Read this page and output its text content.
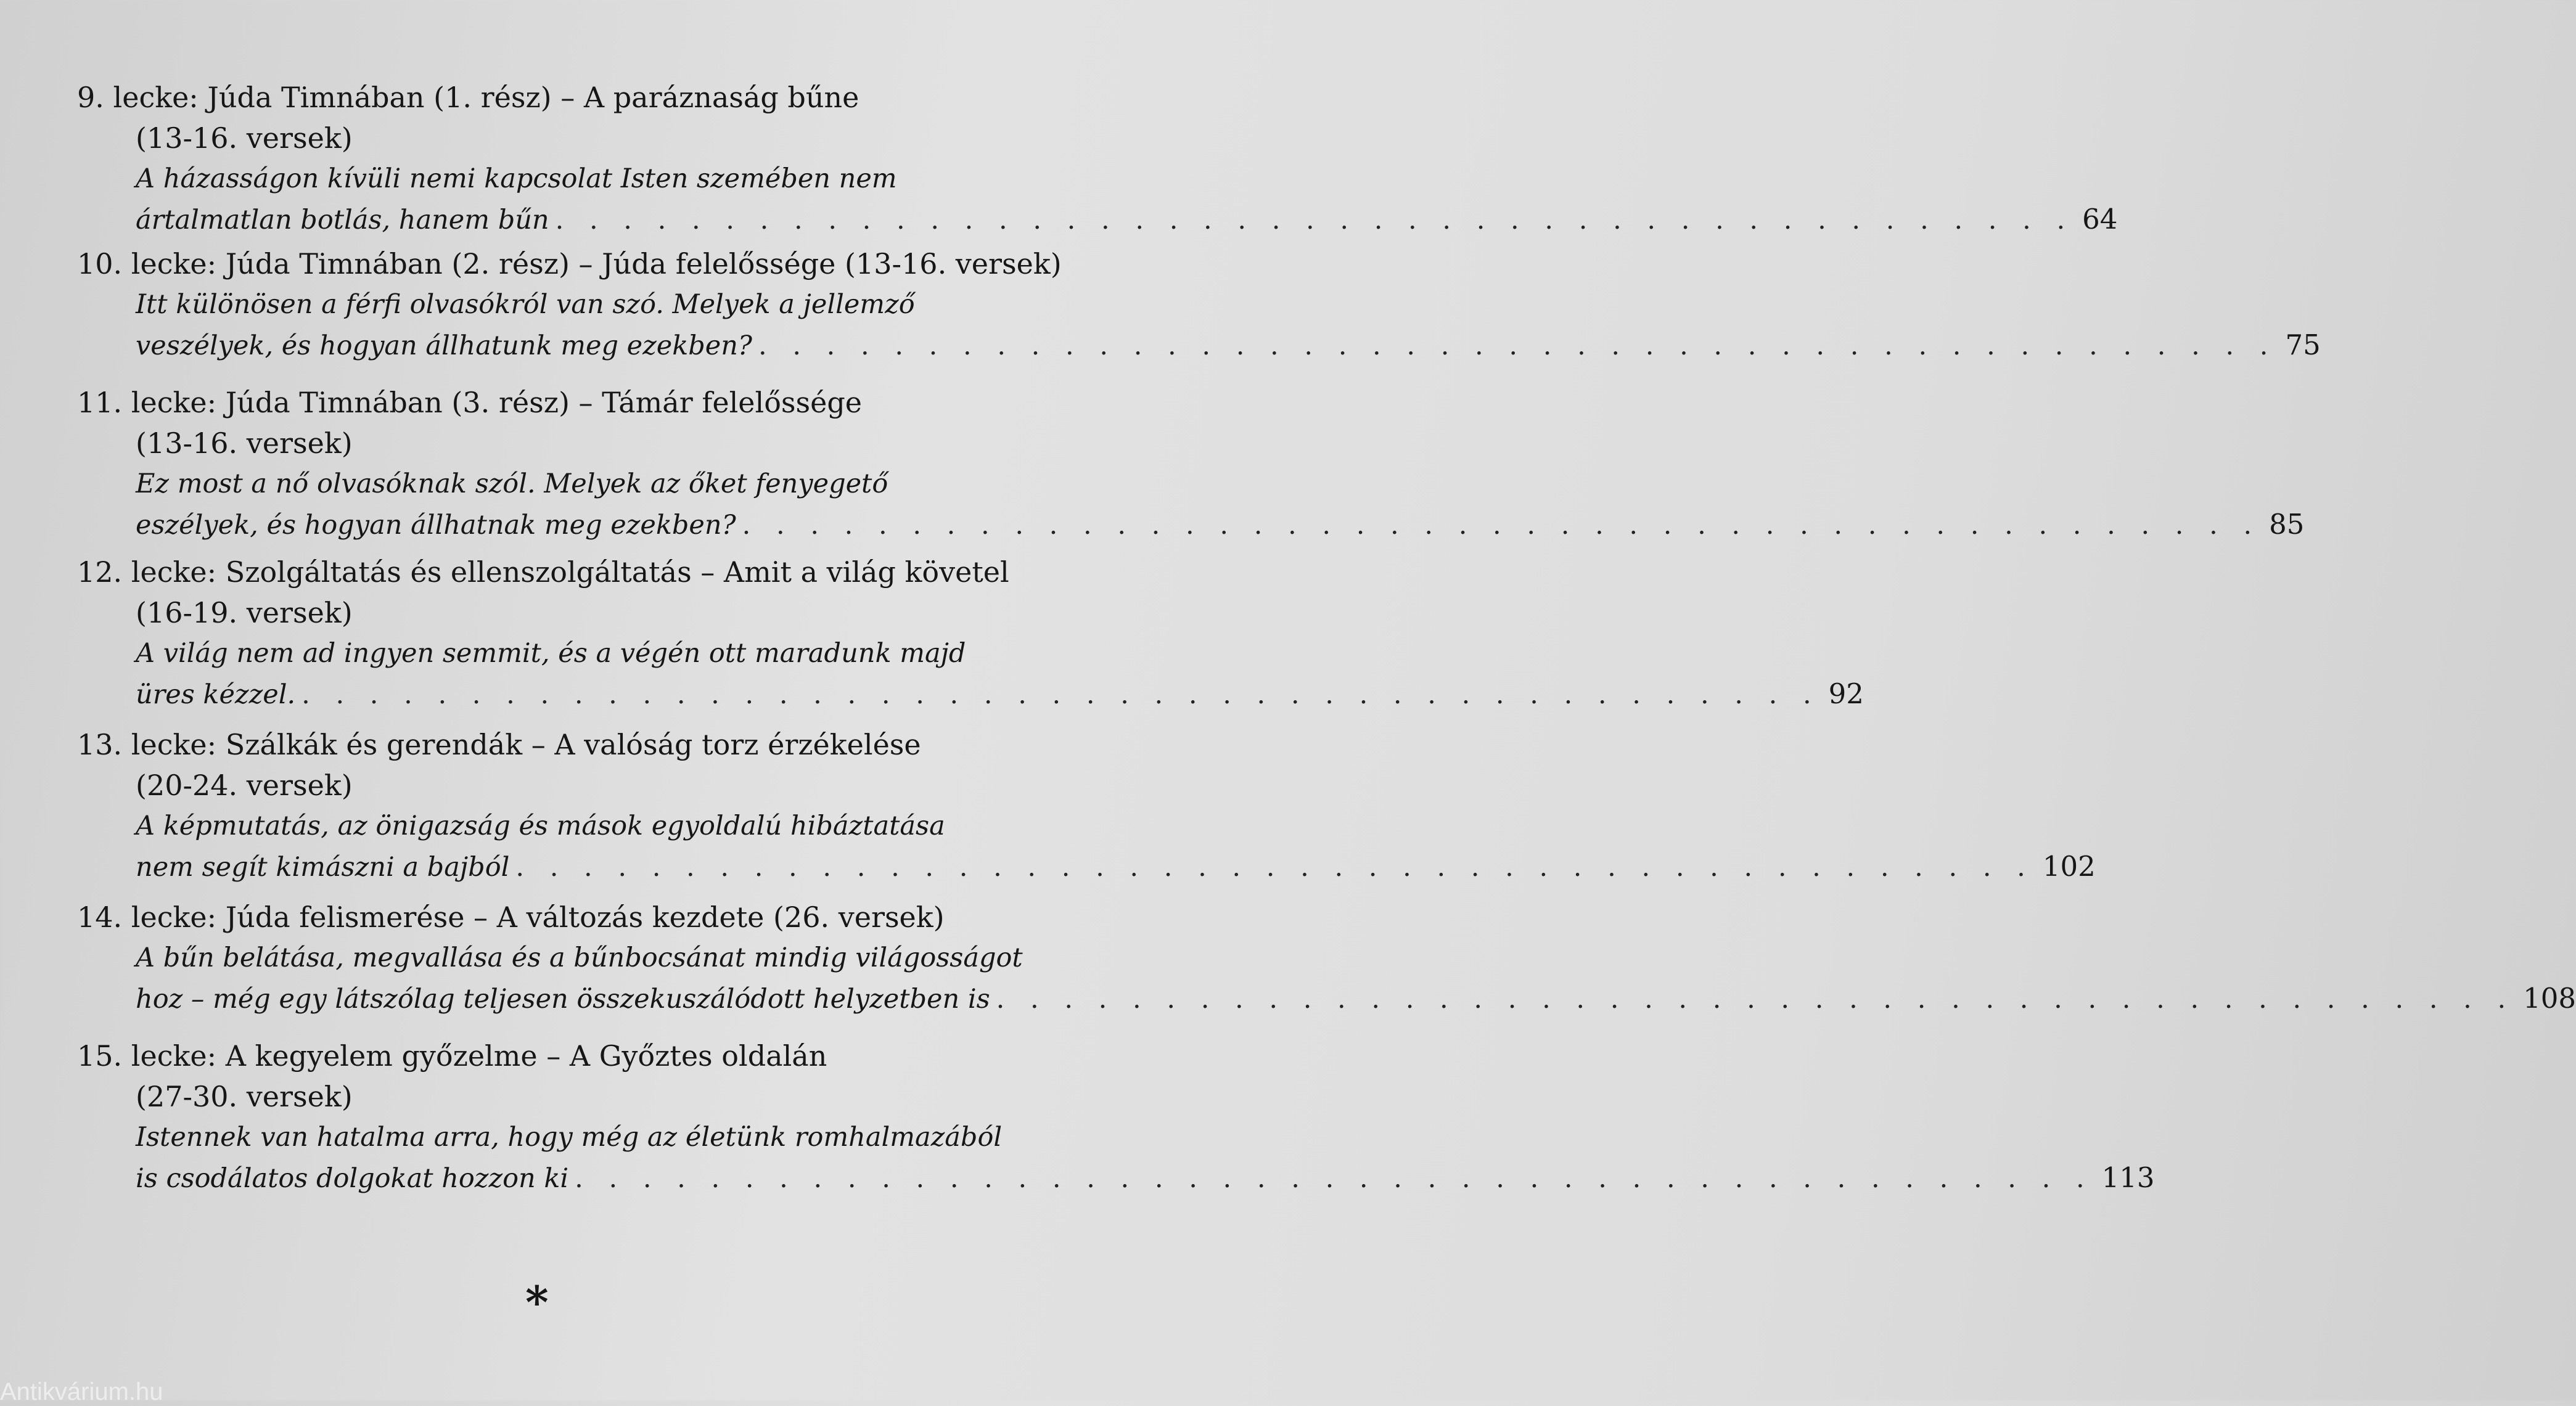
9. lecke: Júda Timnában (1. rész) – A paráznaság bűne
(13-16. versek)
A házasságon kívüli nemi kapcsolat Isten szemében nem
ártalmatlan botlás, hanem bűn . . .	64
10. lecke: Júda Timnában (2. rész) – Júda felelőssége (13-16. versek)
Itt különösen a férfi olvasókról van szó. Melyek a jellemző
veszélyek, és hogyan állhatunk meg ezekben? . . .	75
11. lecke: Júda Timnában (3. rész) – Támár felelőssége
(13-16. versek)
Ez most a nő olvasóknak szól. Melyek az őket fenyegető
eszélyek, és hogyan állhatnak meg ezekben? . . .	85
12. lecke: Szolgáltatás és ellenszolgáltatás – Amit a világ követel
(16-19. versek)
A világ nem ad ingyen semmit, és a végén ott maradunk majd
üres kézzel. . . .	92
13. lecke: Szálkák és gerendák – A valóság torz érzékelése
(20-24. versek)
A képmutatás, az önigazság és mások egyoldalú hibáztatása
nem segít kimászni a bajból . . .	102
14. lecke: Júda felismerése – A változás kezdete (26. versek)
A bűn belátása, megvallása és a bűnbocsánat mindig világosságot
hoz – még egy látszólag teljesen összekuszálódott helyzetben is . . .	108
15. lecke: A kegyelem győzelme – A Győztes oldalán
(27-30. versek)
Istennek van hatalma arra, hogy még az életünk romhalmazából
is csodálatos dolgokat hozzon ki . . .	113
*
Antikvárium.hu
